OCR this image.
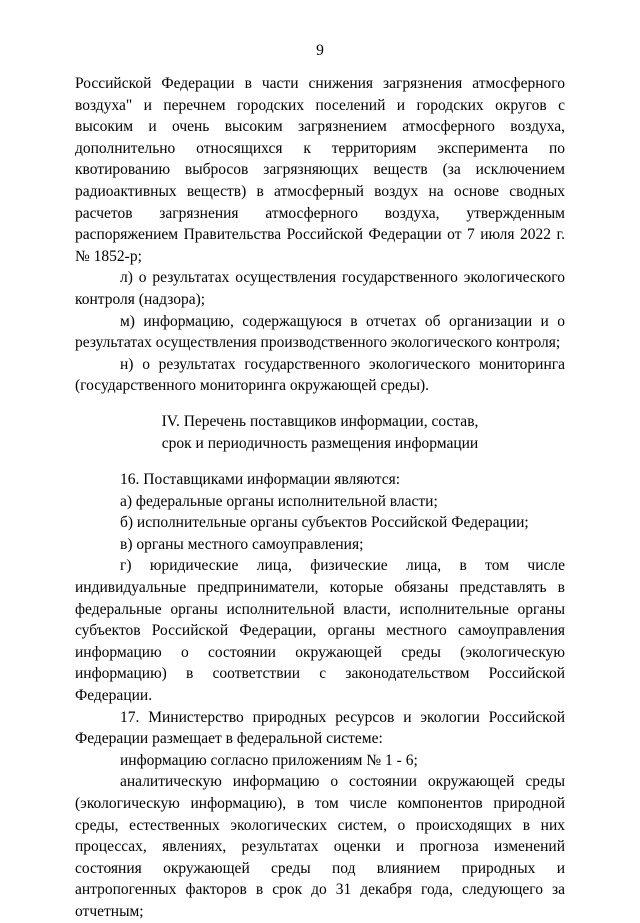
9

Российской Федерации в части снижения загрязнения атмосферного воздуха" и перечнем городских поселений и городских округов с высоким и очень высоким загрязнением атмосферного воздуха, дополнительно относящихся к территориям эксперимента по квотированию выбросов загрязняющих веществ (за исключением радиоактивных веществ) в атмосферный воздух на основе сводных расчетов загрязнения атмосферного воздуха, утвержденным распоряжением Правительства Российской Федерации от 7 июля 2022 г. № 1852-р;

л) о результатах осуществления государственного экологического контроля (надзора);

м) информацию, содержащуюся в отчетах об организации и о результатах осуществления производственного экологического контроля;

н) о результатах государственного экологического мониторинга (государственного мониторинга окружающей среды).

IV. Перечень поставщиков информации, состав,
срок и периодичность размещения информации

16. Поставщиками информации являются:

а) федеральные органы исполнительной власти;

б) исполнительные органы субъектов Российской Федерации;

в) органы местного самоуправления;

г) юридические лица, физические лица, в том числе индивидуальные предприниматели, которые обязаны представлять в федеральные органы исполнительной власти, исполнительные органы субъектов Российской Федерации, органы местного самоуправления информацию о состоянии окружающей среды (экологическую информацию) в соответствии с законодательством Российской Федерации.

17. Министерство природных ресурсов и экологии Российской Федерации размещает в федеральной системе:

информацию согласно приложениям № 1 - 6;

аналитическую информацию о состоянии окружающей среды (экологическую информацию), в том числе компонентов природной среды, естественных экологических систем, о происходящих в них процессах, явлениях, результатах оценки и прогноза изменений состояния окружающей среды под влиянием природных и антропогенных факторов в срок до 31 декабря года, следующего за отчетным;
